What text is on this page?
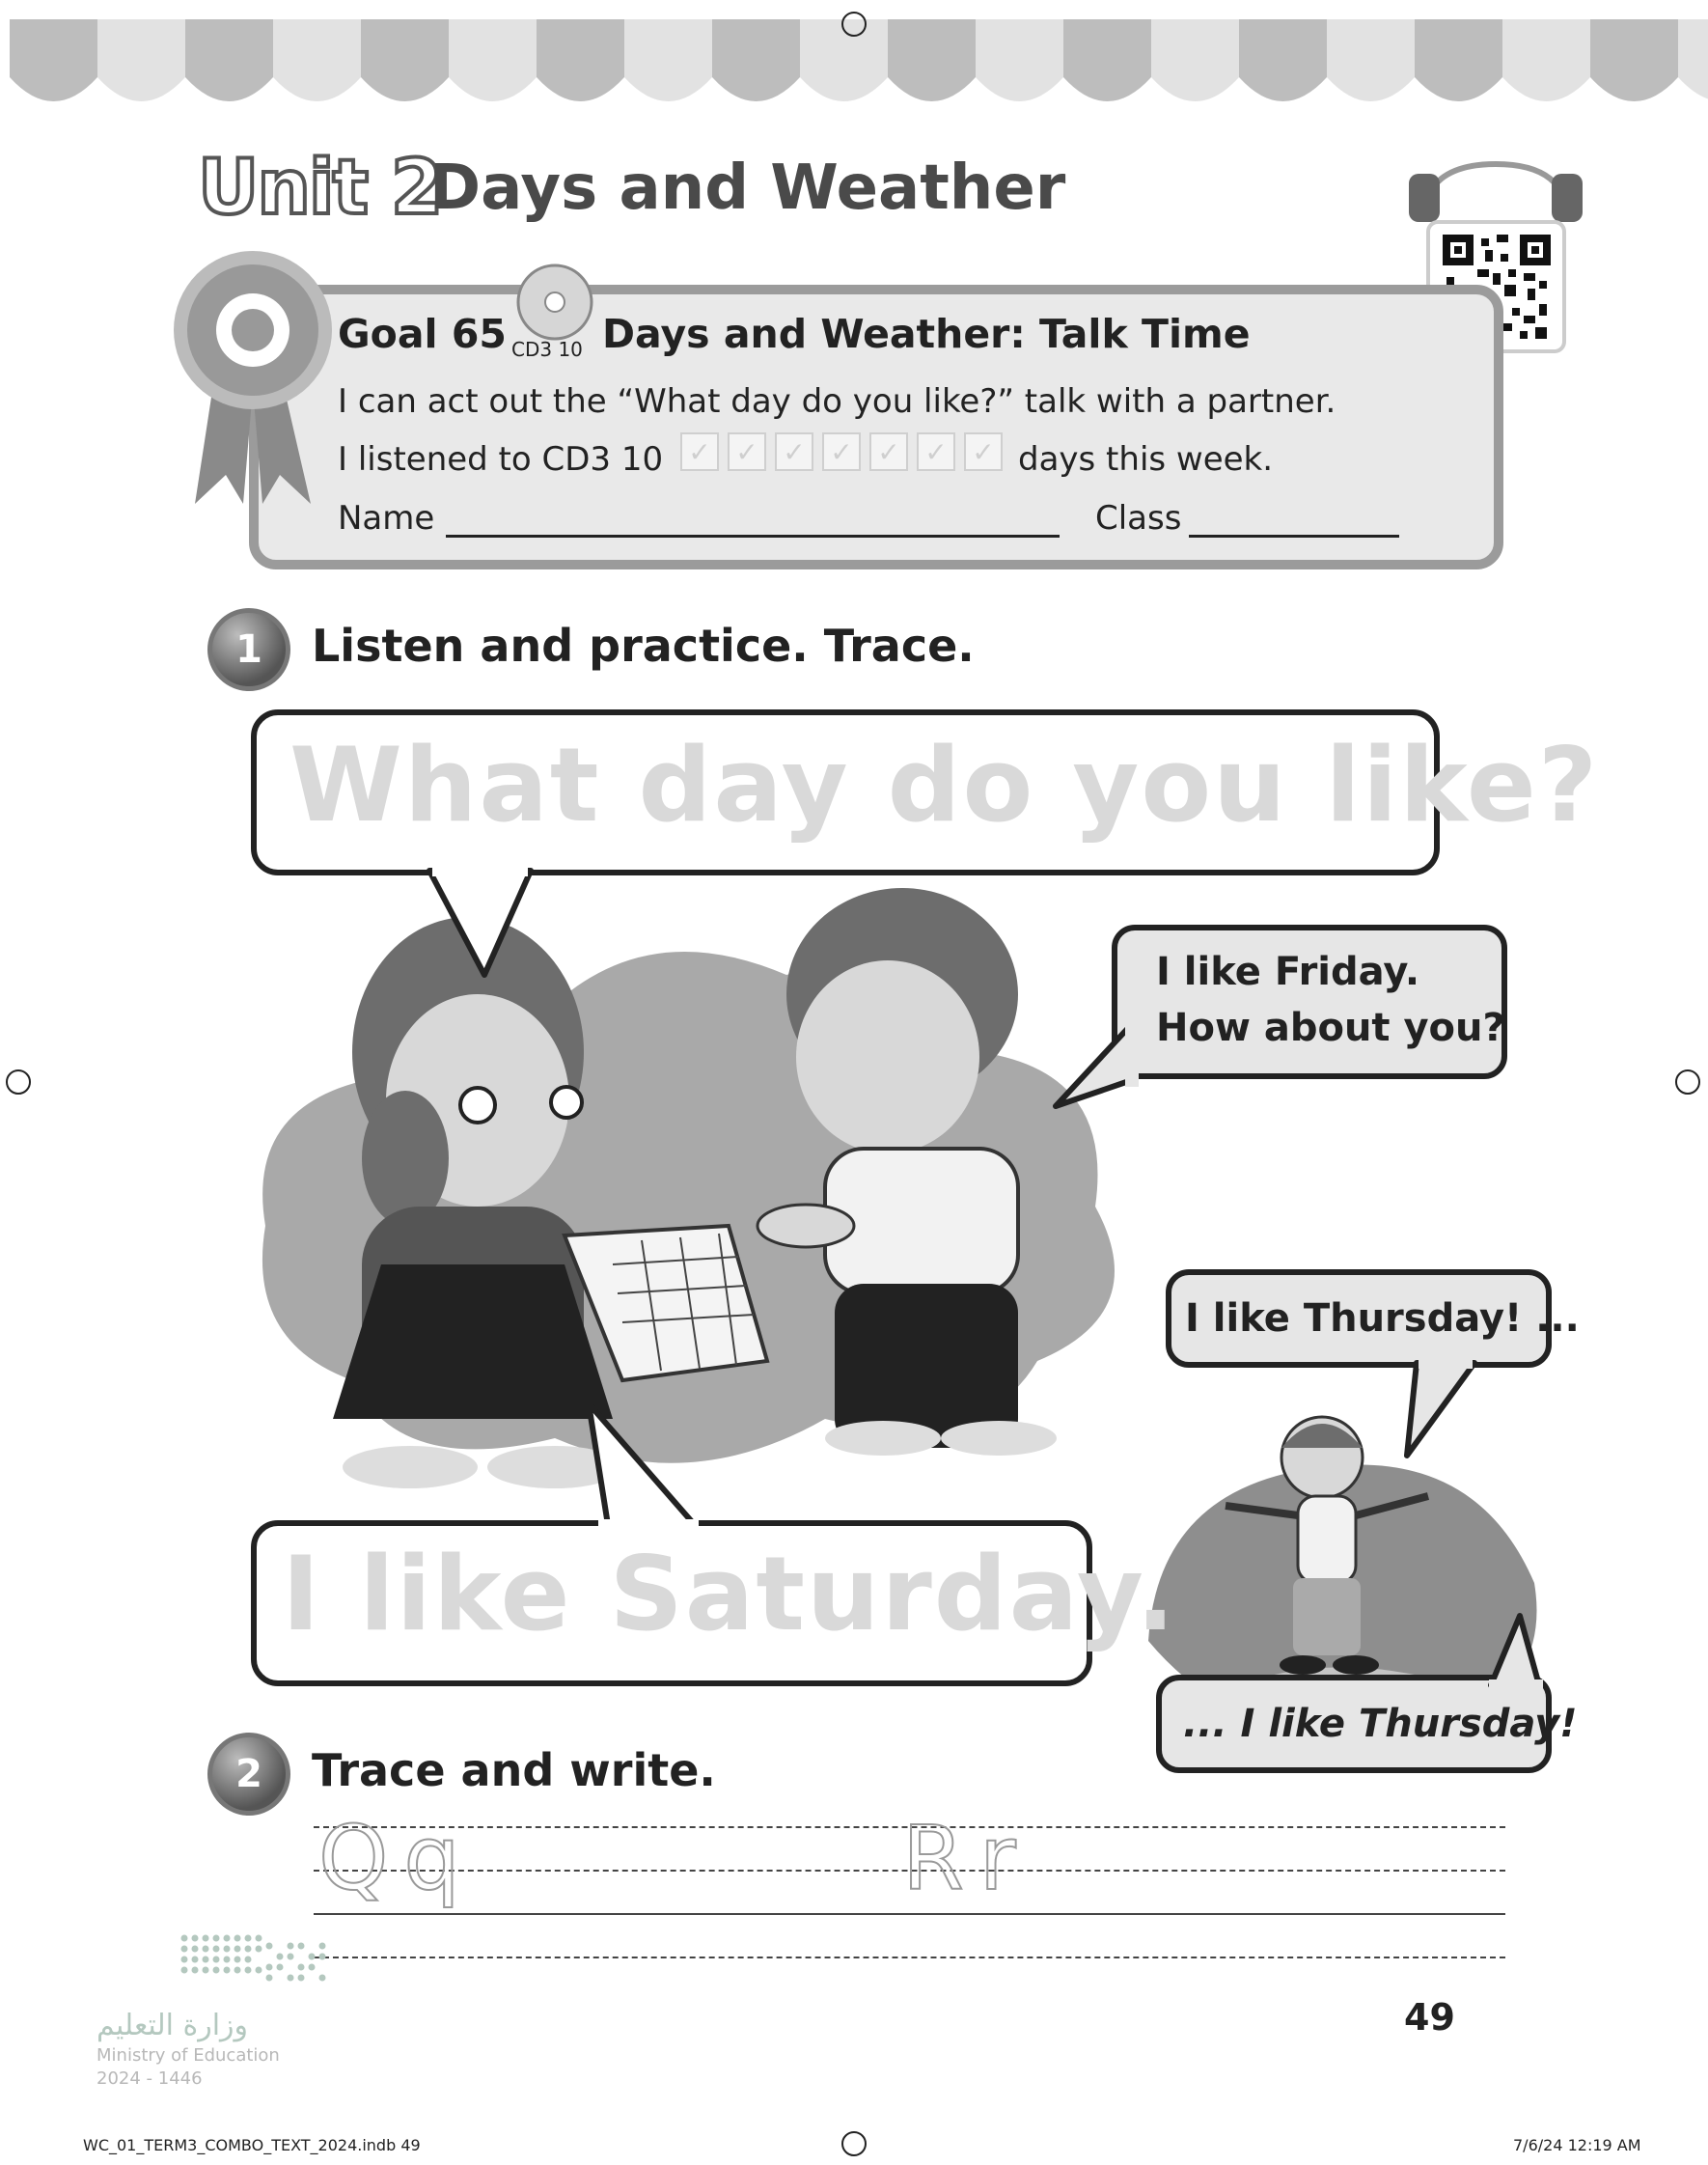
Unit 2
Days and Weather
Goal 65 CD3 10 Days and Weather: Talk Time
I can act out the “What day do you like?” talk with a partner.
I listened to CD3 10 ✓ ✓ ✓ ✓ ✓ ✓ ✓ days this week.
Name	Class
1	Listen and practice. Trace.
What day do you like?
I like Friday.
How about you?
I like Thursday! ...
I like Saturday.
... I like Thursday!
2	Trace and write.
Qq	Rr
وزارة التعليم
Ministry of Education
2024 - 1446
49
WC_01_TERM3_COMBO_TEXT_2024.indb 49	7/6/24 12:19 AM
